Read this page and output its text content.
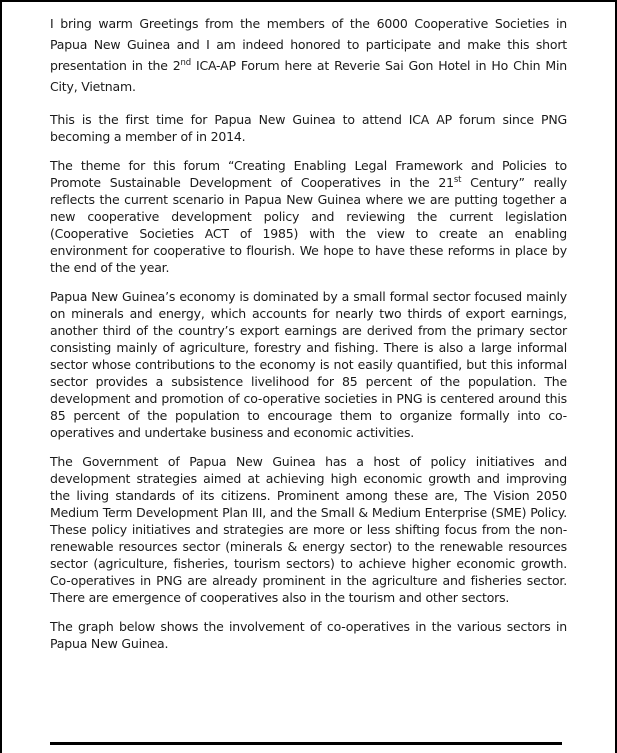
I bring warm Greetings from the members of the 6000 Cooperative Societies in Papua New Guinea and I am indeed honored to participate and make this short presentation in the 2nd ICA-AP Forum here at Reverie Sai Gon Hotel in Ho Chin Min City, Vietnam.

This is the first time for Papua New Guinea to attend ICA AP forum since PNG becoming a member of in 2014.

The theme for this forum “Creating Enabling Legal Framework and Policies to Promote Sustainable Development of Cooperatives in the 21st Century” really reflects the current scenario in Papua New Guinea where we are putting together a new cooperative development policy and reviewing the current legislation (Cooperative Societies ACT of 1985) with the view to create an enabling environment for cooperative to flourish. We hope to have these reforms in place by the end of the year.

Papua New Guinea’s economy is dominated by a small formal sector focused mainly on minerals and energy, which accounts for nearly two thirds of export earnings, another third of the country’s export earnings are derived from the primary sector consisting mainly of agriculture, forestry and fishing. There is also a large informal sector whose contributions to the economy is not easily quantified, but this informal sector provides a subsistence livelihood for 85 percent of the population. The development and promotion of co-operative societies in PNG is centered around this 85 percent of the population to encourage them to organize formally into co-operatives and undertake business and economic activities.

The Government of Papua New Guinea has a host of policy initiatives and development strategies aimed at achieving high economic growth and improving the living standards of its citizens. Prominent among these are, The Vision 2050 Medium Term Development Plan III, and the Small & Medium Enterprise (SME) Policy. These policy initiatives and strategies are more or less shifting focus from the non- renewable resources sector (minerals & energy sector) to the renewable resources sector (agriculture, fisheries, tourism sectors) to achieve higher economic growth. Co-operatives in PNG are already prominent in the agriculture and fisheries sector. There are emergence of cooperatives also in the tourism and other sectors.

The graph below shows the involvement of co-operatives in the various sectors in Papua New Guinea.
